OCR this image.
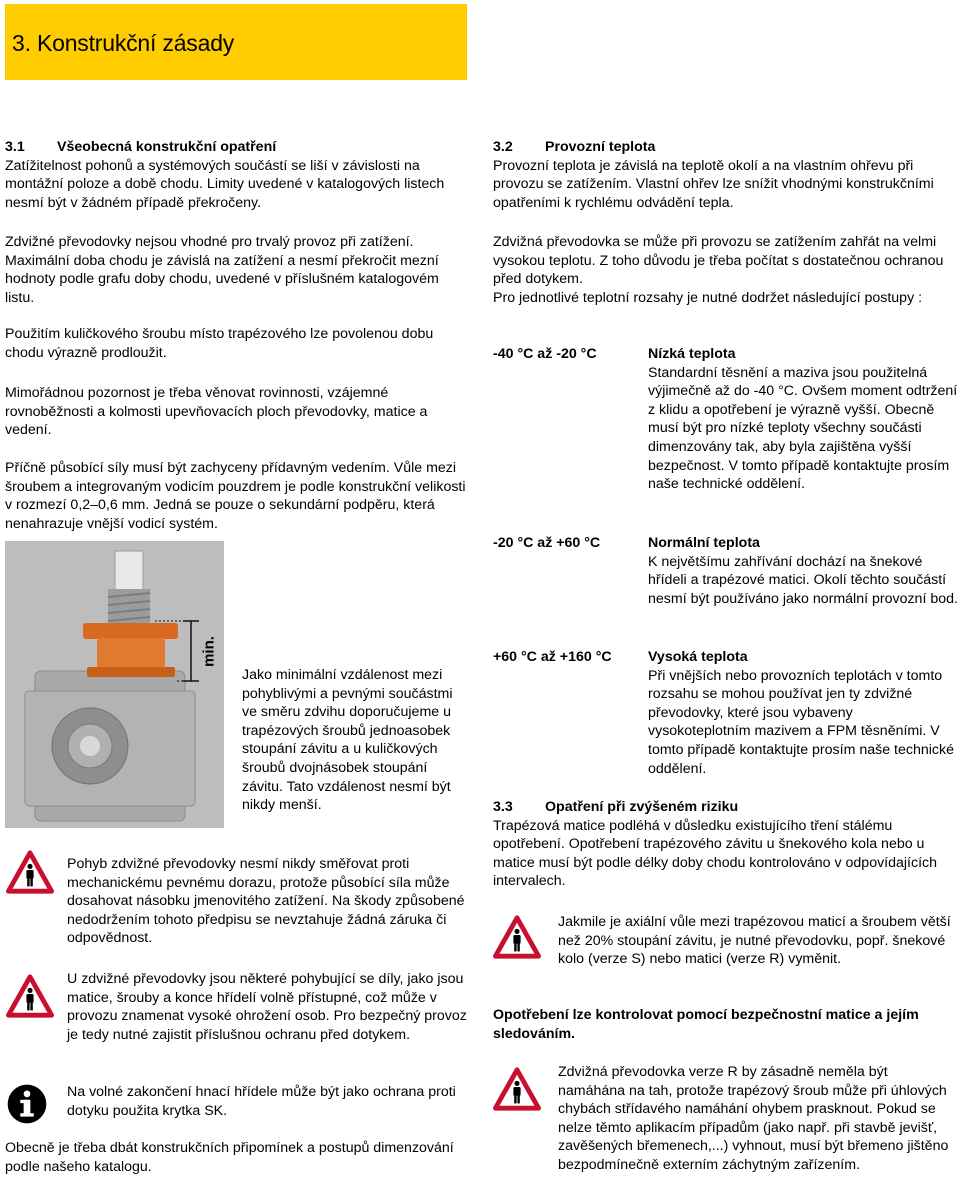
3. Konstrukční zásady

3.1 Všeobecná konstrukční opatření

Zatížitelnost pohonů a systémových součástí se liší v závislosti na montážní poloze a době chodu. Limity uvedené v katalogových listech nesmí být v žádném případě překročeny.

Zdvižné převodovky nejsou vhodné pro trvalý provoz při zatížení. Maximální doba chodu je závislá na zatížení a nesmí překročit mezní hodnoty podle grafu doby chodu, uvedené v příslušném katalogovém listu.
Použitím kuličkového šroubu místo trapézového lze povolenou dobu chodu výrazně prodloužit.
Mimořádnou pozornost je třeba věnovat rovinnosti, vzájemné rovnoběžnosti a kolmosti upevňovacích ploch převodovky, matice a vedení.
Příčně působící síly musí být zachyceny přídavným vedením. Vůle mezi šroubem a integrovaným vodicím pouzdrem je podle konstrukční velikosti v rozmezí 0,2–0,6 mm. Jedná se pouze o sekundární podpěru, která nenahrazuje vnější vodicí systém.
min.
Jako minimální vzdálenost mezi pohyblivými a pevnými součástmi ve směru zdvihu doporučujeme u trapézových šroubů jednoasobek stoupání závitu a u kuličkových šroubů dvojnásobek stoupání závitu. Tato vzdálenost nesmí být nikdy menší.
Pohyb zdvižné převodovky nesmí nikdy směřovat proti mechanickému pevnému dorazu, protože působící síla může dosahovat násobku jmenovitého zatížení. Na škody způsobené nedodržením tohoto předpisu se nevztahuje žádná záruka či odpovědnost.
U zdvižné převodovky jsou některé pohybující se díly, jako jsou matice, šrouby a konce hřídelí volně přístupné, což může v provozu znamenat vysoké ohrožení osob. Pro bezpečný provoz je tedy nutné zajistit příslušnou ochranu před dotykem.
Na volné zakončení hnací hřídele může být jako ochrana proti dotyku použita krytka SK.
Obecně je třeba dbát konstrukčních připomínek a postupů dimenzování podle našeho katalogu.

3.2 Provozní teplota

Provozní teplota je závislá na teplotě okolí a na vlastním ohřevu při provozu se zatížením. Vlastní ohřev lze snížit vhodnými konstrukčními opatřeními k rychlému odvádění tepla.

Zdvižná převodovka se může při provozu se zatížením zahřát na velmi vysokou teplotu. Z toho důvodu je třeba počítat s dostatečnou ochranou před dotykem.
Pro jednotlivé teplotní rozsahy je nutné dodržet následující postupy :
-40 °C až -20 °C	Nízká teplota
Standardní těsnění a maziva jsou použitelná výjimečně až do -40 °C. Ovšem moment odtržení z klidu a opotřebení je výrazně vyšší. Obecně musí být pro nízké teploty všechny součásti dimenzovány tak, aby byla zajištěna vyšší bezpečnost. V tomto případě kontaktujte prosím naše technické oddělení.
-20 °C až +60 °C	Normální teplota
K největšímu zahřívání dochází na šnekové hřídeli a trapézové matici. Okolí těchto součástí nesmí být používáno jako normální provozní bod.
+60 °C až +160 °C	Vysoká teplota
Při vnějších nebo provozních teplotách v tomto rozsahu se mohou používat jen ty zdvižné převodovky, které jsou vybaveny vysokoteplotním mazivem a FPM těsněními. V tomto případě kontaktujte prosím naše technické oddělení.

3.3 Opatření při zvýšeném riziku

Trapézová matice podléhá v důsledku existujícího tření stálému opotřebení. Opotřebení trapézového závitu u šnekového kola nebo u matice musí být podle délky doby chodu kontrolováno v odpovídajících intervalech.

Jakmile je axiální vůle mezi trapézovou maticí a šroubem větší než 20% stoupání závitu, je nutné převodovku, popř. šnekové kolo (verze S) nebo matici (verze R) vyměnit.
Opotřebení lze kontrolovat pomocí bezpečnostní matice a jejím sledováním.
Zdvižná převodovka verze R by zásadně neměla být namáhána na tah, protože trapézový šroub může při úhlových chybách střídavého namáhání ohybem prasknout. Pokud se nelze těmto aplikacím případům (jako např. při stavbě jevišť, zavěšených břemenech,...) vyhnout, musí být břemeno jištěno bezpodmínečně externím záchytným zařízením.
